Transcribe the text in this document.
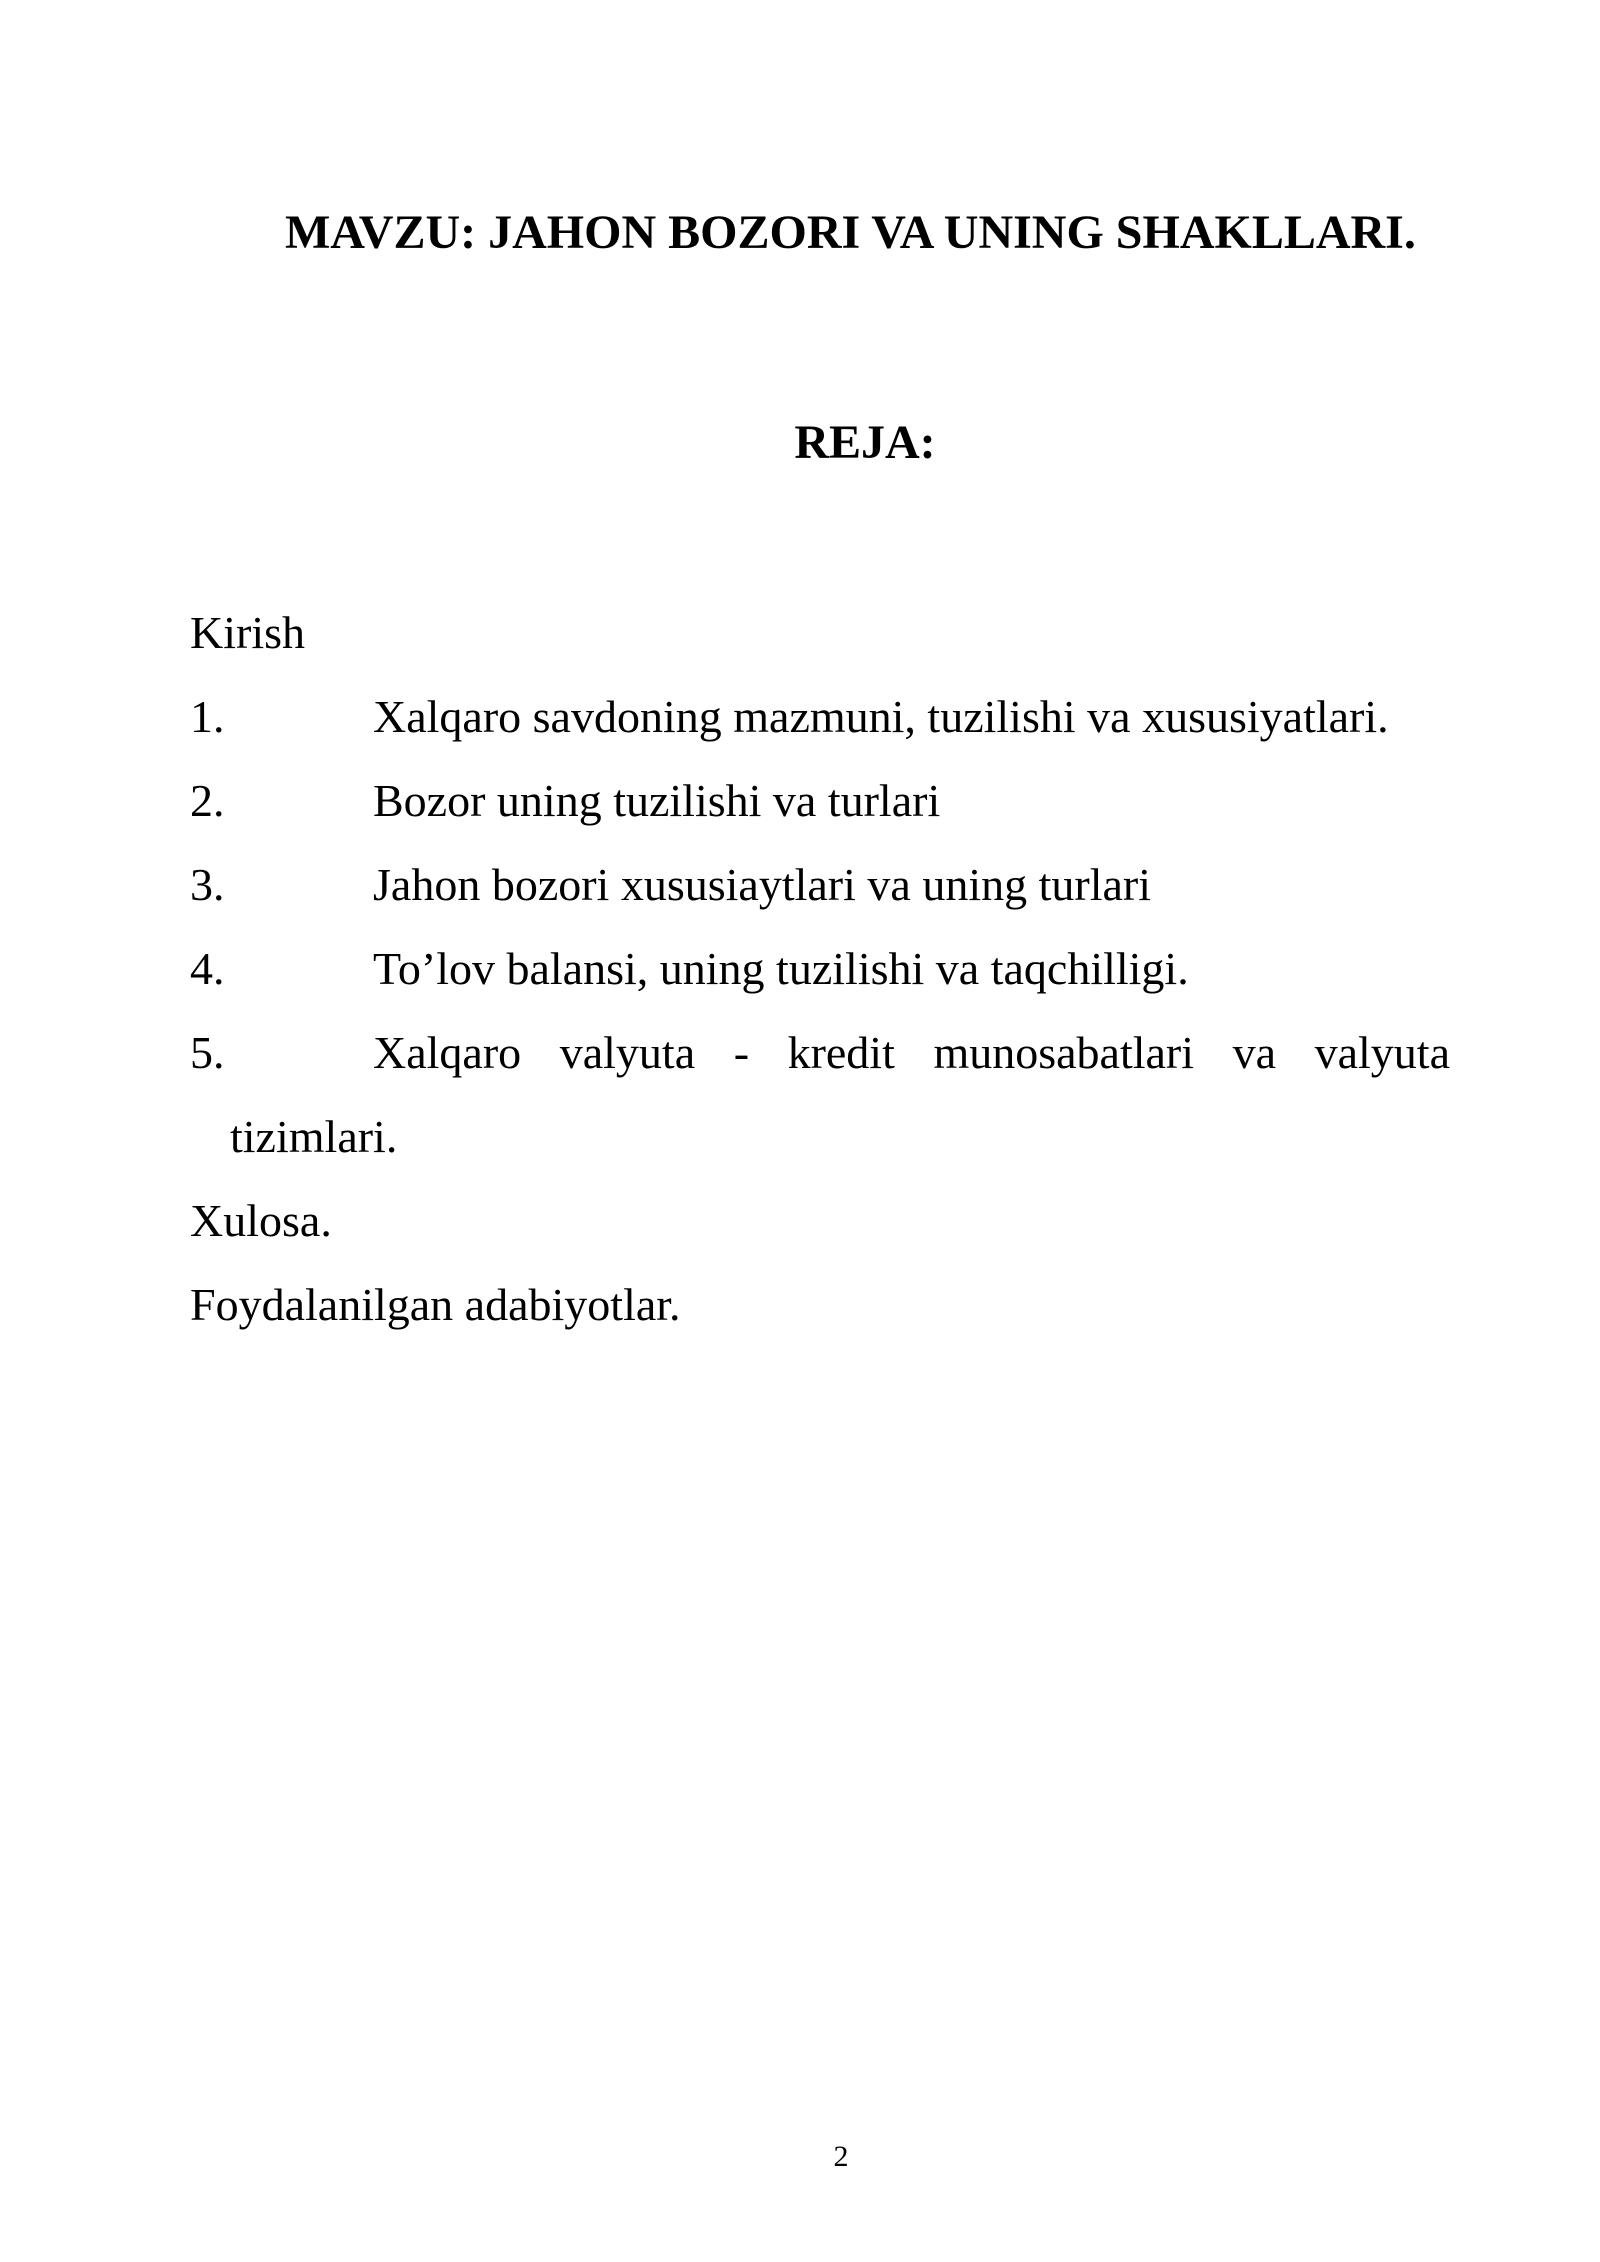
MAVZU: JAHON BOZORI VA UNING SHAKLLARI.
REJA:
Kirish
1.	Xalqaro savdoning mazmuni, tuzilishi va xususiyatlari.
2.	Bozor uning tuzilishi va turlari
3.	Jahon bozori xususiaytlari va uning turlari
4.	To’lov balansi, uning tuzilishi va taqchilligi.
5.	Xalqaro valyuta - kredit munosabatlari va valyuta
tizimlari.
Xulosa.
Foydalanilgan adabiyotlar.
2
